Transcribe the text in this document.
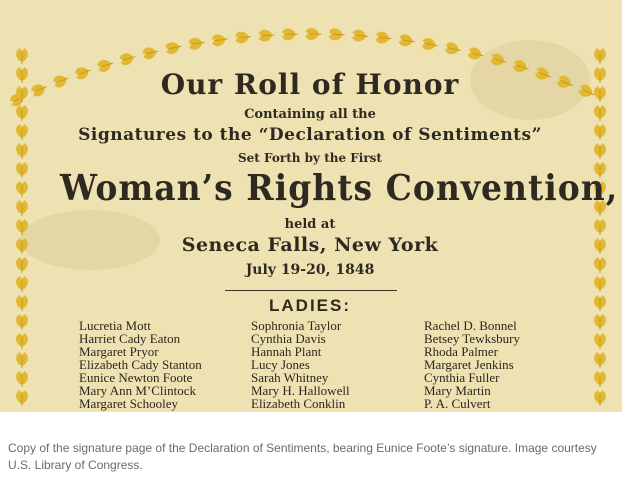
Our Roll of Honor
Containing all the
Signatures to the “Declaration of Sentiments”
Set Forth by the First
Woman’s Rights Convention,
held at
Seneca Falls, New York
July 19-20, 1848
LADIES:
Lucretia Mott
Harriet Cady Eaton
Margaret Pryor
Elizabeth Cady Stanton
Eunice Newton Foote
Mary Ann M’Clintock
Margaret Schooley
Sophronia Taylor
Cynthia Davis
Hannah Plant
Lucy Jones
Sarah Whitney
Mary H. Hallowell
Elizabeth Conklin
Rachel D. Bonnel
Betsey Tewksbury
Rhoda Palmer
Margaret Jenkins
Cynthia Fuller
Mary Martin
P. A. Culvert
Copy of the signature page of the Declaration of Sentiments, bearing Eunice Foote’s signature. Image courtesy U.S. Library of Congress.
